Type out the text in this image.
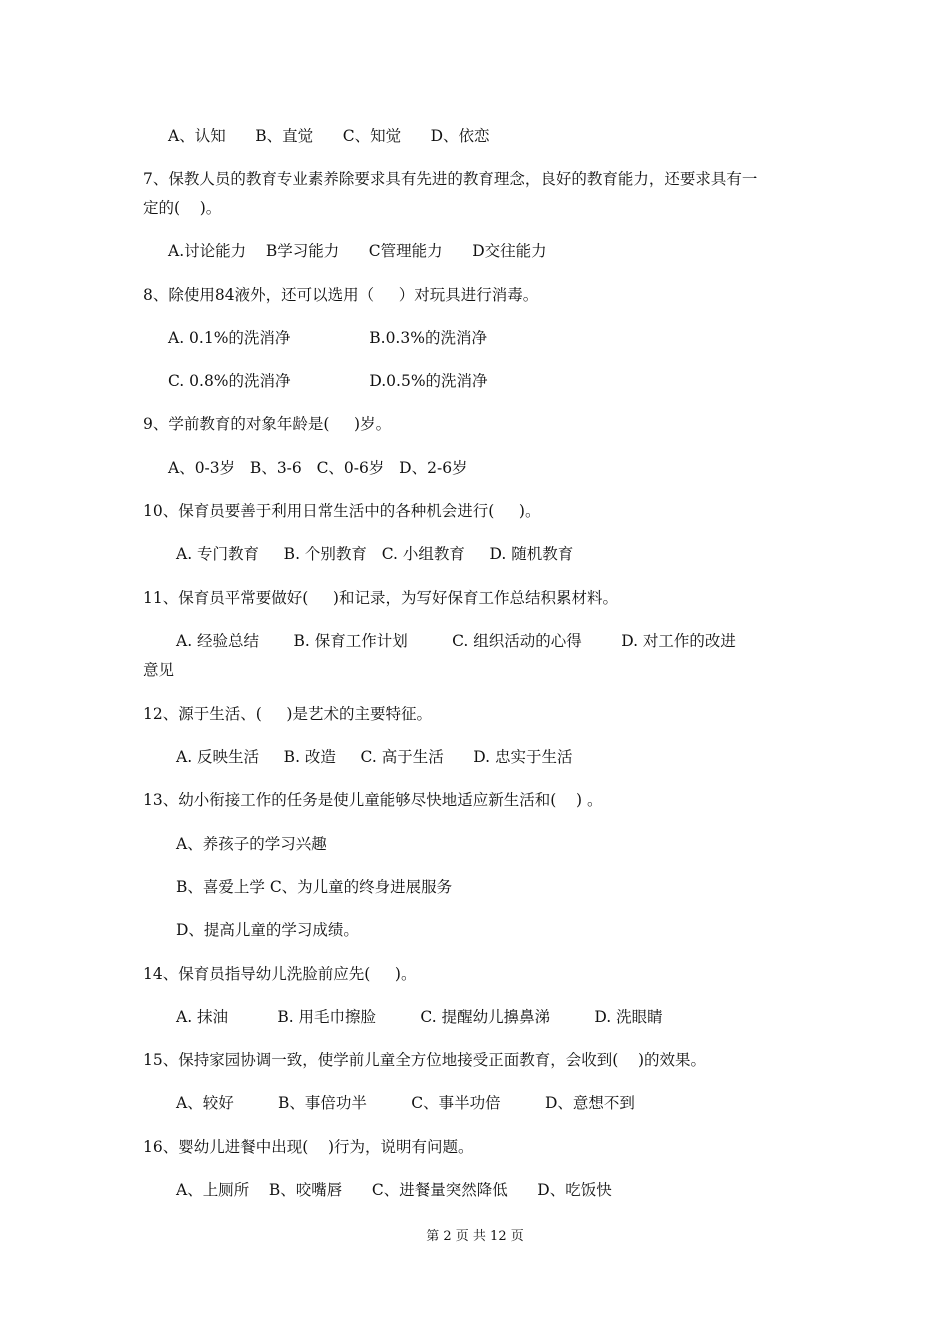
A、认知      B、直觉      C、知觉      D、依恋
7、保教人员的教育专业素养除要求具有先进的教育理念，良好的教育能力，还要求具有一
定的(    )。
A.讨论能力    B学习能力      C管理能力      D交往能力
8、除使用84液外，还可以选用（     ）对玩具进行消毒。
A. 0.1%的洗消净                B.0.3%的洗消净
C. 0.8%的洗消净                D.0.5%的洗消净
9、学前教育的对象年龄是(     )岁。
A、0-3岁   B、3-6   C、0-6岁   D、2-6岁
10、保育员要善于利用日常生活中的各种机会进行(     )。
A. 专门教育     B. 个别教育   C. 小组教育     D. 随机教育
11、保育员平常要做好(     )和记录，为写好保育工作总结积累材料。
A. 经验总结       B. 保育工作计划         C. 组织活动的心得        D. 对工作的改进
意见
12、源于生活、(     )是艺术的主要特征。
A. 反映生活     B. 改造     C. 高于生活      D. 忠实于生活
13、幼小衔接工作的任务是使儿童能够尽快地适应新生活和(    ) 。
A、养孩子的学习兴趣
B、喜爱上学 C、为儿童的终身进展服务
D、提高儿童的学习成绩。
14、保育员指导幼儿洗脸前应先(     )。
A. 抹油          B. 用毛巾擦脸         C. 提醒幼儿擤鼻涕         D. 洗眼睛
15、保持家园协调一致，使学前儿童全方位地接受正面教育，会收到(    )的效果。
A、较好         B、事倍功半         C、事半功倍         D、意想不到
16、婴幼儿进餐中出现(    )行为，说明有问题。
A、上厕所    B、咬嘴唇      C、进餐量突然降低      D、吃饭快
第 2 页 共 12 页
